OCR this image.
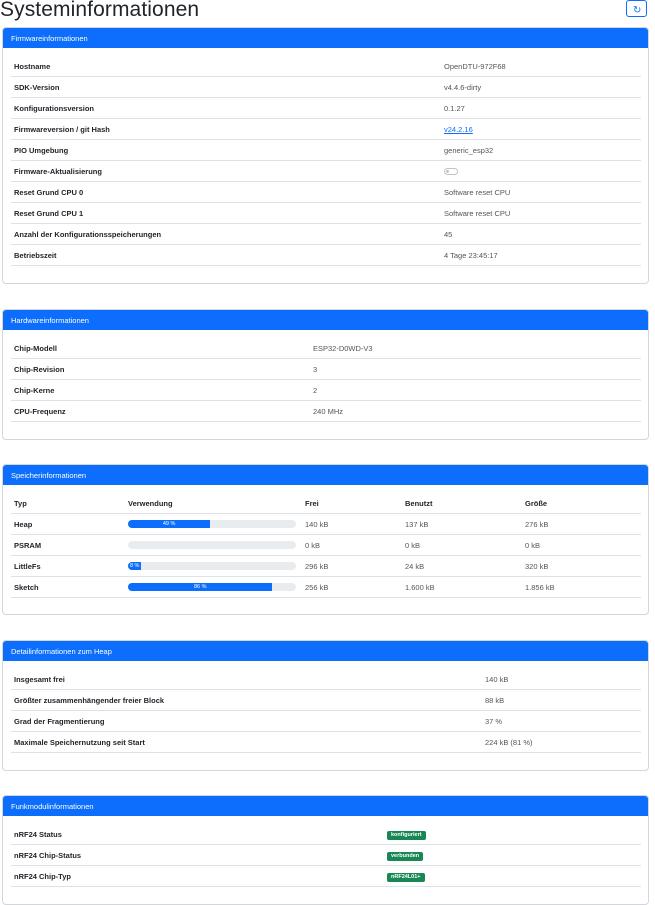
Systeminformationen	↻
Firmwareinformationen
Hostname	OpenDTU-972F68
SDK-Version	v4.4.6-dirty
Konfigurationsversion	0.1.27
Firmwareversion / git Hash	v24.2.16
PIO Umgebung	generic_esp32
Firmware-Aktualisierung	
Reset Grund CPU 0	Software reset CPU
Reset Grund CPU 1	Software reset CPU
Anzahl der Konfigurationsspeicherungen	45
Betriebszeit	4 Tage 23:45:17
Hardwareinformationen
Chip-Modell	ESP32-D0WD-V3
Chip-Revision	3
Chip-Kerne	2
CPU-Frequenz	240 MHz
Speicherinformationen
Typ	Verwendung	Frei	Benutzt	Größe
Heap	49 %	140 kB	137 kB	276 kB
PSRAM		0 kB	0 kB	0 kB
LittleFs	8 %	296 kB	24 kB	320 kB
Sketch	86 %	256 kB	1.600 kB	1.856 kB
Detailinformationen zum Heap
Insgesamt frei	140 kB
Größter zusammenhängender freier Block	88 kB
Grad der Fragmentierung	37 %
Maximale Speichernutzung seit Start	224 kB (81 %)
Funkmodulinformationen
nRF24 Status	konfiguriert
nRF24 Chip-Status	verbunden
nRF24 Chip-Typ	nRF24L01+
